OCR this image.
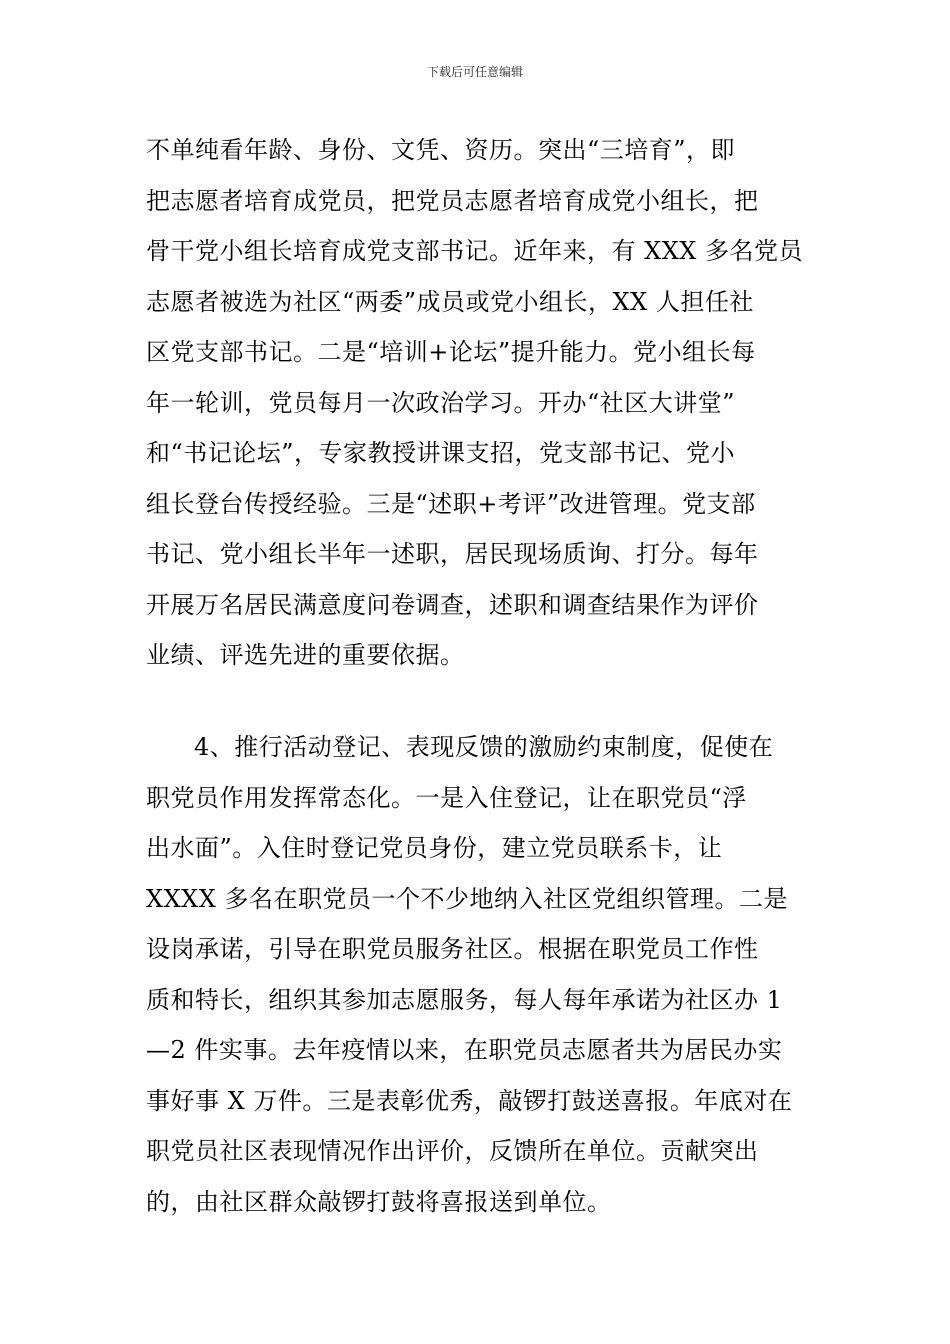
下载后可任意编辑
不单纯看年龄、身份、文凭、资历。突出“三培育”，即
把志愿者培育成党员，把党员志愿者培育成党小组长，把
骨干党小组长培育成党支部书记。近年来，有 XXX 多名党员
志愿者被选为社区“两委”成员或党小组长，XX 人担任社
区党支部书记。二是“培训+论坛”提升能力。党小组长每
年一轮训，党员每月一次政治学习。开办“社区大讲堂”
和“书记论坛”，专家教授讲课支招，党支部书记、党小
组长登台传授经验。三是“述职+考评”改进管理。党支部
书记、党小组长半年一述职，居民现场质询、打分。每年
开展万名居民满意度问卷调查，述职和调查结果作为评价
业绩、评选先进的重要依据。
4、推行活动登记、表现反馈的激励约束制度，促使在
职党员作用发挥常态化。一是入住登记，让在职党员“浮
出水面”。入住时登记党员身份，建立党员联系卡，让
XXXX 多名在职党员一个不少地纳入社区党组织管理。二是
设岗承诺，引导在职党员服务社区。根据在职党员工作性
质和特长，组织其参加志愿服务，每人每年承诺为社区办 1
—2 件实事。去年疫情以来，在职党员志愿者共为居民办实
事好事 X 万件。三是表彰优秀，敲锣打鼓送喜报。年底对在
职党员社区表现情况作出评价，反馈所在单位。贡献突出
的，由社区群众敲锣打鼓将喜报送到单位。
